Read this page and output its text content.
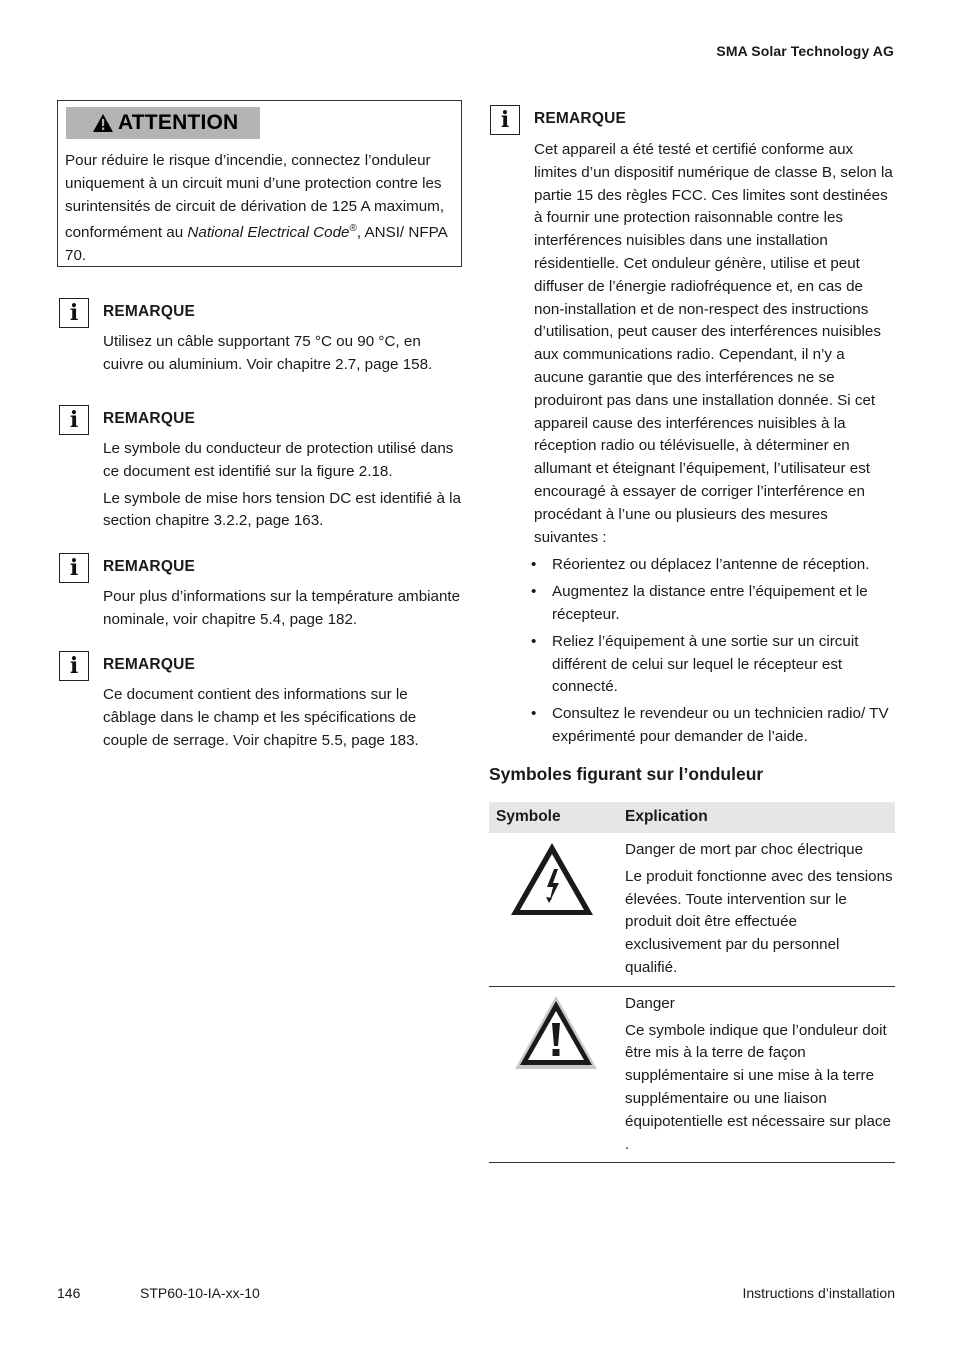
SMA Solar Technology AG
ATTENTION
Pour réduire le risque d’incendie, connectez l’onduleur uniquement à un circuit muni d’une protection contre les surintensités de circuit de dérivation de 125 A maximum, conformément au National Electrical Code®, ANSI/ NFPA 70.
i	REMARQUE

Utilisez un câble supportant 75 °C ou 90 °C, en cuivre ou aluminium. Voir chapitre 2.7, page 158.

i	REMARQUE

Le symbole du conducteur de protection utilisé dans ce document est identifié sur la figure 2.18.

Le symbole de mise hors tension DC est identifié à la section chapitre 3.2.2, page 163.

i	REMARQUE

Pour plus d’informations sur la température ambiante nominale, voir chapitre 5.4, page 182.

i	REMARQUE

Ce document contient des informations sur le câblage dans le champ et les spécifications de couple de serrage. Voir chapitre 5.5, page 183.

i	REMARQUE

Cet appareil a été testé et certifié conforme aux limites d’un dispositif numérique de classe B, selon la partie 15 des règles FCC. Ces limites sont destinées à fournir une protection raisonnable contre les interférences nuisibles dans une installation résidentielle. Cet onduleur génère, utilise et peut diffuser de l’énergie radiofréquence et, en cas de non-installation et de non-respect des instructions d’utilisation, peut causer des interférences nuisibles aux communications radio. Cependant, il n’y a aucune garantie que des interférences ne se produiront pas dans une installation donnée. Si cet appareil cause des interférences nuisibles à la réception radio ou télévisuelle, à déterminer en allumant et éteignant l’équipement, l’utilisateur est encouragé à essayer de corriger l’interférence en procédant à l’une ou plusieurs des mesures suivantes :

• Réorientez ou déplacez l’antenne de réception.
• Augmentez la distance entre l’équipement et le récepteur.
• Reliez l’équipement à une sortie sur un circuit différent de celui sur lequel le récepteur est connecté.
• Consultez le revendeur ou un technicien radio/ TV expérimenté pour demander de l’aide.
Symboles figurant sur l’onduleur
Symbole	Explication

Danger de mort par choc électrique

Le produit fonctionne avec des tensions élevées. Toute intervention sur le produit doit être effectuée exclusivement par du personnel qualifié.

Danger

Ce symbole indique que l’onduleur doit être mis à la terre de façon supplémentaire si une mise à la terre supplémentaire ou une liaison équipotentielle est nécessaire sur place .

146	STP60-10-IA-xx-10	Instructions d’installation
